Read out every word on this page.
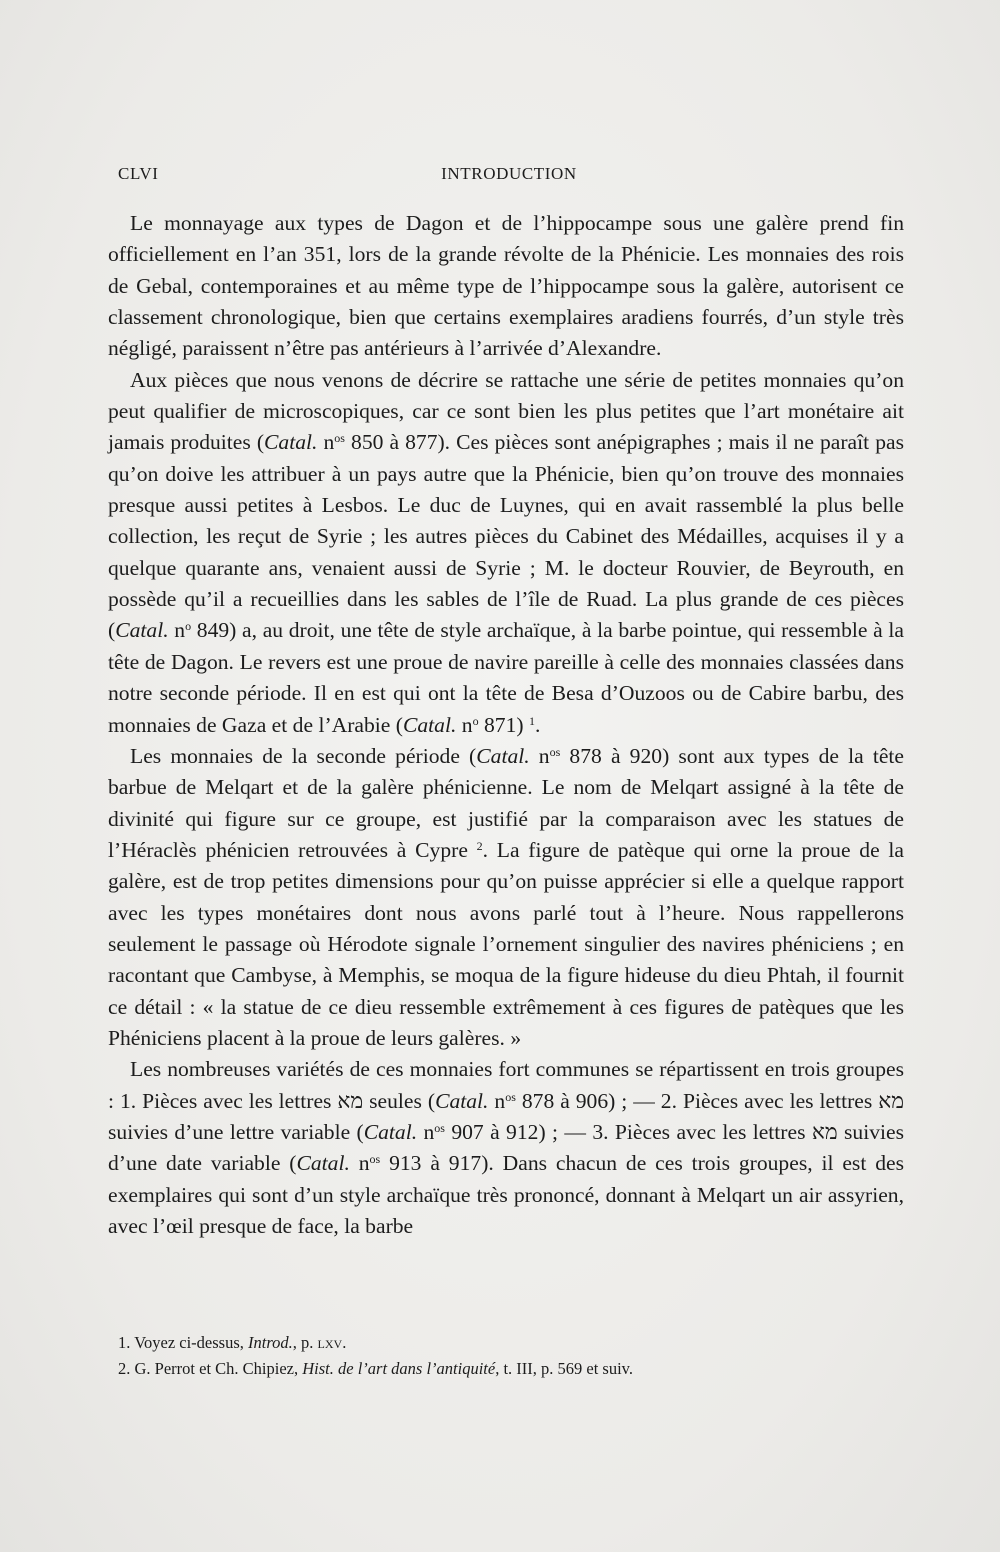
CLVI	INTRODUCTION

Le monnayage aux types de Dagon et de l’hippocampe sous une galère prend fin officiellement en l’an 351, lors de la grande révolte de la Phénicie. Les monnaies des rois de Gebal, contemporaines et au même type de l’hippocampe sous la galère, autorisent ce classement chronologique, bien que certains exemplaires aradiens fourrés, d’un style très négligé, paraissent n’être pas antérieurs à l’arrivée d’Alexandre.

Aux pièces que nous venons de décrire se rattache une série de petites monnaies qu’on peut qualifier de microscopiques, car ce sont bien les plus petites que l’art monétaire ait jamais produites (Catal. $n^{os}$ 850 à 877). Ces pièces sont anépigraphes ; mais il ne paraît pas qu’on doive les attribuer à un pays autre que la Phénicie, bien qu’on trouve des monnaies presque aussi petites à Lesbos. Le duc de Luynes, qui en avait rassemblé la plus belle collection, les reçut de Syrie ; les autres pièces du Cabinet des Médailles, acquises il y a quelque quarante ans, venaient aussi de Syrie ; M. le docteur Rouvier, de Beyrouth, en possède qu’il a recueillies dans les sables de l’île de Ruad. La plus grande de ces pièces (Catal. $n^o$ 849) a, au droit, une tête de style archaïque, à la barbe pointue, qui ressemble à la tête de Dagon. Le revers est une proue de navire pareille à celle des monnaies classées dans notre seconde période. Il en est qui ont la tête de Besa d’Ouzoos ou de Cabire barbu, des monnaies de Gaza et de l’Arabie (Catal. $n^o$ 871) $^1$.

Les monnaies de la seconde période (Catal. $n^{os}$ 878 à 920) sont aux types de la tête barbue de Melqart et de la galère phénicienne. Le nom de Melqart assigné à la tête de divinité qui figure sur ce groupe, est justifié par la comparaison avec les statues de l’Héraclès phénicien retrouvées à Cypre $^2$. La figure de patèque qui orne la proue de la galère, est de trop petites dimensions pour qu’on puisse apprécier si elle a quelque rapport avec les types monétaires dont nous avons parlé tout à l’heure. Nous rappellerons seulement le passage où Hérodote signale l’ornement singulier des navires phéniciens ; en racontant que Cambyse, à Memphis, se moqua de la figure hideuse du dieu Phtah, il fournit ce détail : « la statue de ce dieu ressemble extrêmement à ces figures de patèques que les Phéniciens placent à la proue de leurs galères. »

Les nombreuses variétés de ces monnaies fort communes se répartissent en trois groupes : 1. Pièces avec les lettres מא seules (Catal. $n^{os}$ 878 à 906) ; — 2. Pièces avec les lettres מא suivies d’une lettre variable (Catal. $n^{os}$ 907 à 912) ; — 3. Pièces avec les lettres מא suivies d’une date variable (Catal. $n^{os}$ 913 à 917). Dans chacun de ces trois groupes, il est des exemplaires qui sont d’un style archaïque très prononcé, donnant à Melqart un air assyrien, avec l’œil presque de face, la barbe

1. Voyez ci-dessus, Introd., p. lxv.

2. G. Perrot et Ch. Chipiez, Hist. de l’art dans l’antiquité, t. III, p. 569 et suiv.
